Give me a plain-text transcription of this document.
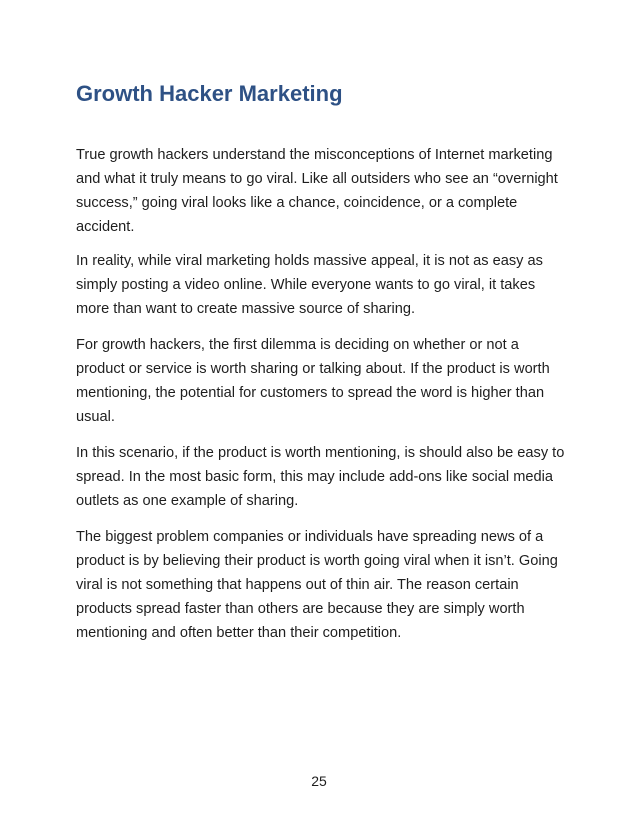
Growth Hacker Marketing

True growth hackers understand the misconceptions of Internet marketing and what it truly means to go viral. Like all outsiders who see an “overnight success,” going viral looks like a chance, coincidence, or a complete accident.

In reality, while viral marketing holds massive appeal, it is not as easy as simply posting a video online. While everyone wants to go viral, it takes more than want to create massive source of sharing.

For growth hackers, the first dilemma is deciding on whether or not a product or service is worth sharing or talking about. If the product is worth mentioning, the potential for customers to spread the word is higher than usual.

In this scenario, if the product is worth mentioning, is should also be easy to spread. In the most basic form, this may include add-ons like social media outlets as one example of sharing.

The biggest problem companies or individuals have spreading news of a product is by believing their product is worth going viral when it isn’t. Going viral is not something that happens out of thin air. The reason certain products spread faster than others are because they are simply worth mentioning and often better than their competition.

25
